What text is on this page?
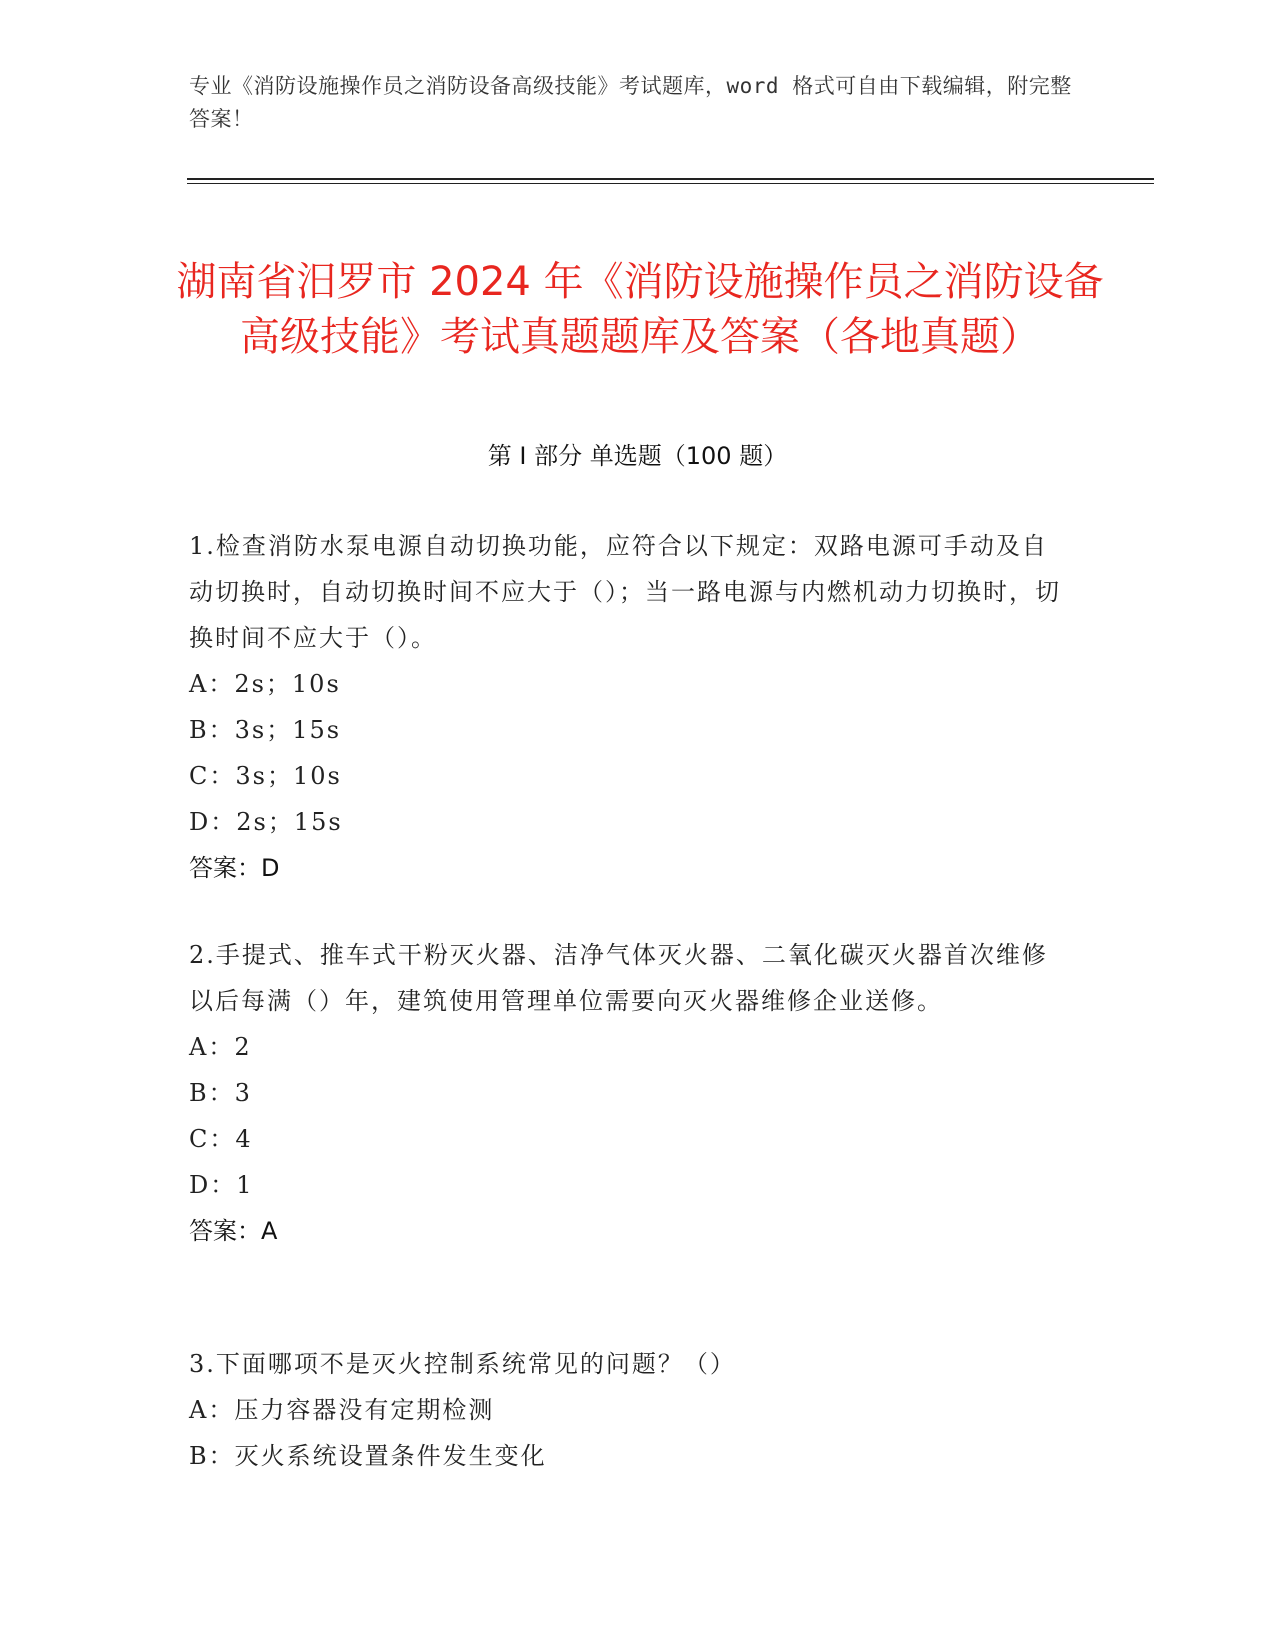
专业《消防设施操作员之消防设备高级技能》考试题库，word 格式可自由下载编辑，附完整答案！
湖南省汨罗市 2024 年《消防设施操作员之消防设备高级技能》考试真题题库及答案（各地真题）
第 I 部分 单选题（100 题）
1.检查消防水泵电源自动切换功能，应符合以下规定：双路电源可手动及自动切换时，自动切换时间不应大于（）；当一路电源与内燃机动力切换时，切换时间不应大于（）。
A：2s；10s
B：3s；15s
C：3s；10s
D：2s；15s
答案：D
2.手提式、推车式干粉灭火器、洁净气体灭火器、二氧化碳灭火器首次维修以后每满（）年，建筑使用管理单位需要向灭火器维修企业送修。
A：2
B：3
C：4
D：1
答案：A
3.下面哪项不是灭火控制系统常见的问题？（）
A：压力容器没有定期检测
B：灭火系统设置条件发生变化
